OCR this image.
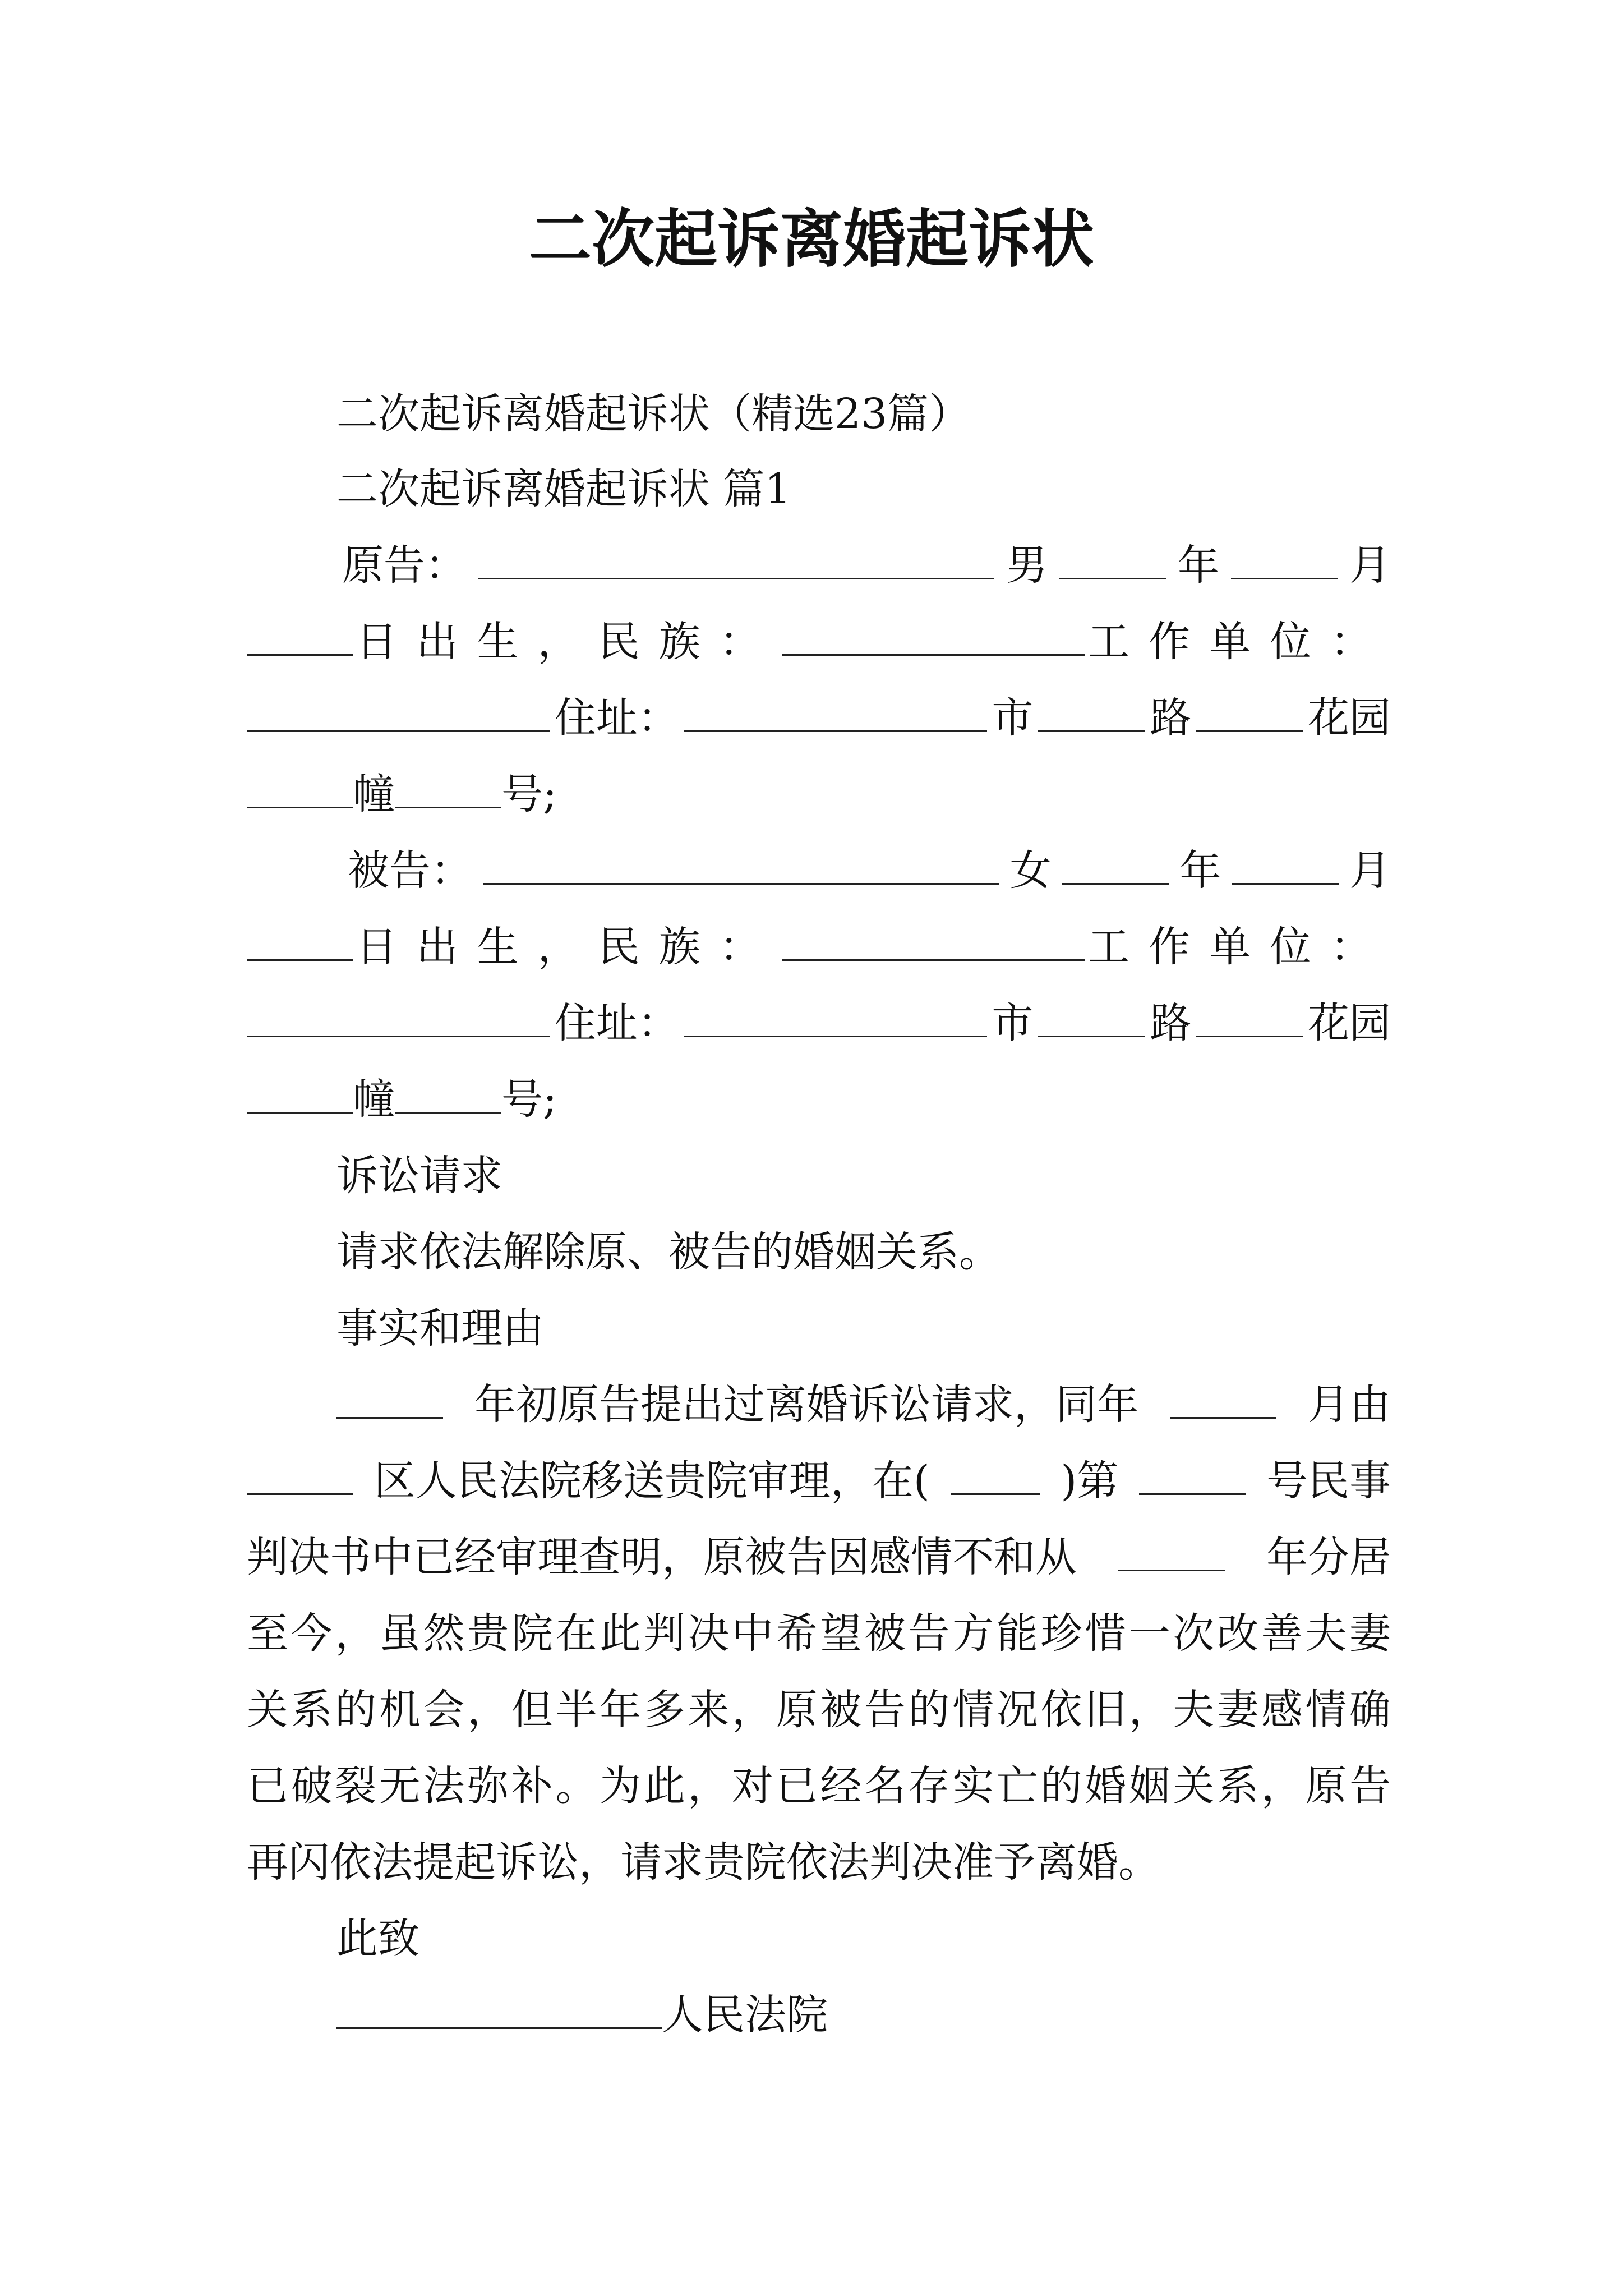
二次起诉离婚起诉状
二次起诉离婚起诉状（精选23篇）
二次起诉离婚起诉状 篇1
原告：	男	年	月
日出生，民族：	工作单位：
住址：	市	路	花园
幢	号;
被告：	女	年	月
日出生，民族：	工作单位：
住址：	市	路	花园
幢	号;
诉讼请求
请求依法解除原、被告的婚姻关系。
事实和理由
年初原告提出过离婚诉讼请求，同年	月由
区人民法院移送贵院审理，在(	)第	号民事
判决书中已经审理查明，原被告因感情不和从	年分居
至今，虽然贵院在此判决中希望被告方能珍惜一次改善夫妻
关系的机会，但半年多来，原被告的情况依旧，夫妻感情确
已破裂无法弥补。为此，对已经名存实亡的婚姻关系，原告
再闪依法提起诉讼，请求贵院依法判决准予离婚。
此致
人民法院
